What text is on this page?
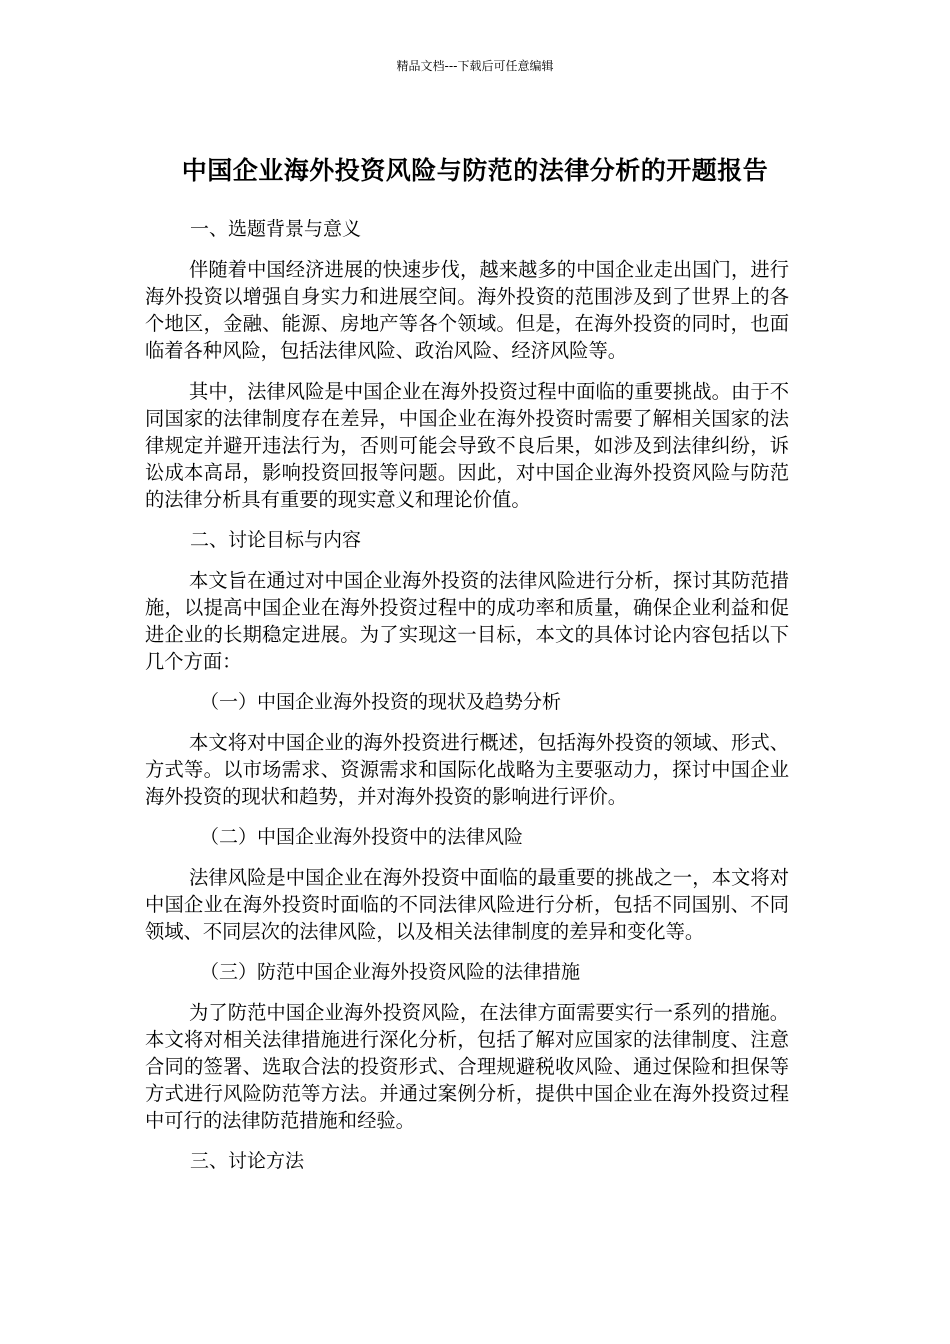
精品文档---下载后可任意编辑
中国企业海外投资风险与防范的法律分析的开题报告

一、选题背景与意义

伴随着中国经济进展的快速步伐，越来越多的中国企业走出国门，进行海外投资以增强自身实力和进展空间。海外投资的范围涉及到了世界上的各个地区，金融、能源、房地产等各个领域。但是，在海外投资的同时，也面临着各种风险，包括法律风险、政治风险、经济风险等。

其中，法律风险是中国企业在海外投资过程中面临的重要挑战。由于不同国家的法律制度存在差异，中国企业在海外投资时需要了解相关国家的法律规定并避开违法行为，否则可能会导致不良后果，如涉及到法律纠纷，诉讼成本高昂，影响投资回报等问题。因此，对中国企业海外投资风险与防范的法律分析具有重要的现实意义和理论价值。

二、讨论目标与内容

本文旨在通过对中国企业海外投资的法律风险进行分析，探讨其防范措施，以提高中国企业在海外投资过程中的成功率和质量，确保企业利益和促进企业的长期稳定进展。为了实现这一目标，本文的具体讨论内容包括以下几个方面：

（一）中国企业海外投资的现状及趋势分析

本文将对中国企业的海外投资进行概述，包括海外投资的领域、形式、方式等。以市场需求、资源需求和国际化战略为主要驱动力，探讨中国企业海外投资的现状和趋势，并对海外投资的影响进行评价。

（二）中国企业海外投资中的法律风险

法律风险是中国企业在海外投资中面临的最重要的挑战之一，本文将对中国企业在海外投资时面临的不同法律风险进行分析，包括不同国别、不同领域、不同层次的法律风险，以及相关法律制度的差异和变化等。

（三）防范中国企业海外投资风险的法律措施

为了防范中国企业海外投资风险，在法律方面需要实行一系列的措施。本文将对相关法律措施进行深化分析，包括了解对应国家的法律制度、注意合同的签署、选取合法的投资形式、合理规避税收风险、通过保险和担保等方式进行风险防范等方法。并通过案例分析，提供中国企业在海外投资过程中可行的法律防范措施和经验。

三、讨论方法
